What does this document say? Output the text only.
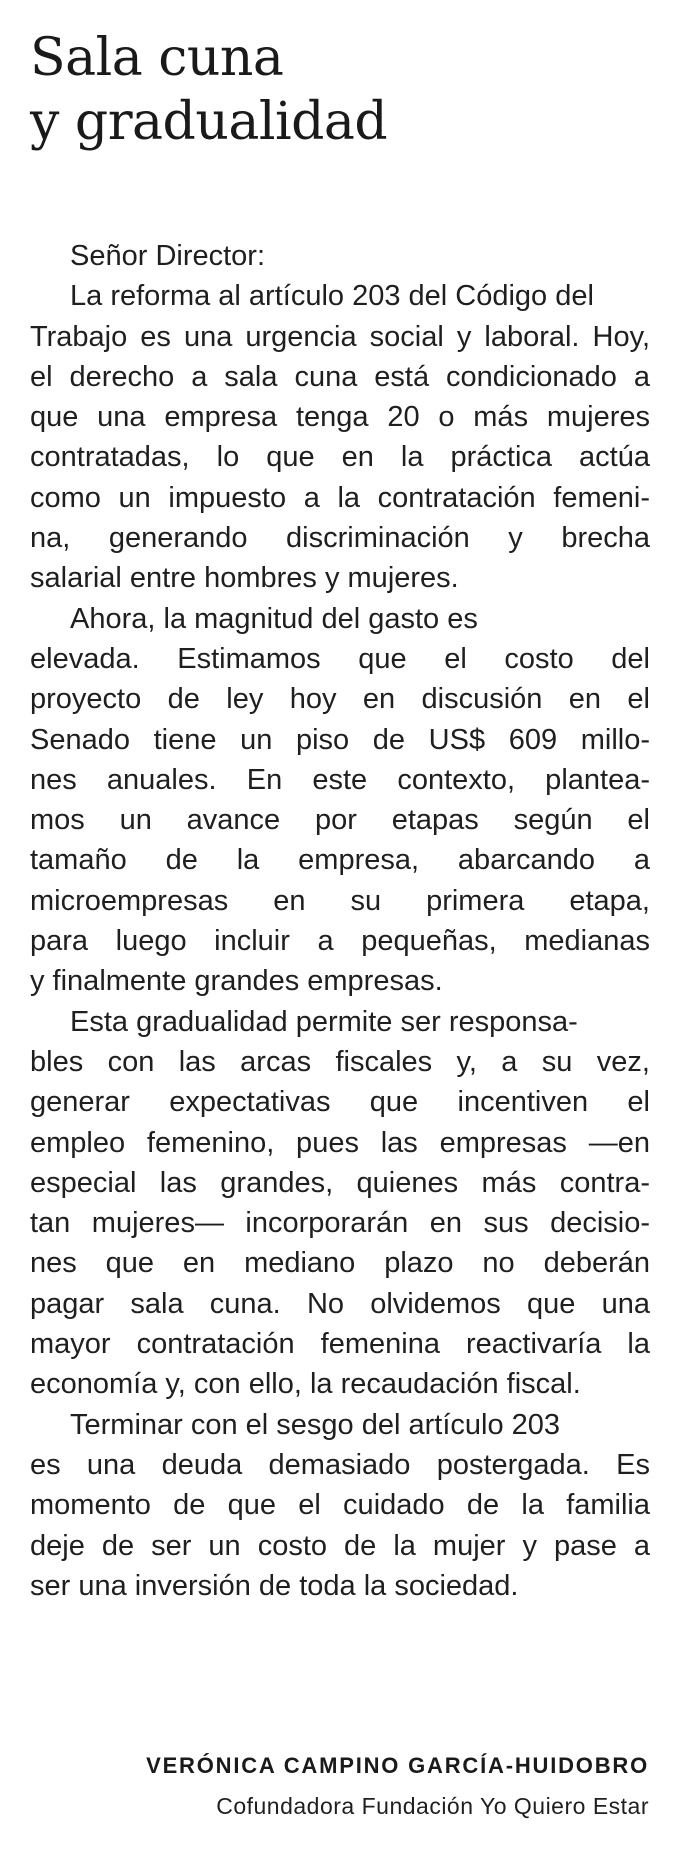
Sala cuna
y gradualidad
Señor Director:
La reforma al artículo 203 del Código del
Trabajo es una urgencia social y laboral. Hoy,
el derecho a sala cuna está condicionado a
que una empresa tenga 20 o más mujeres
contratadas, lo que en la práctica actúa
como un impuesto a la contratación femeni-
na, generando discriminación y brecha
salarial entre hombres y mujeres.
Ahora, la magnitud del gasto es
elevada. Estimamos que el costo del
proyecto de ley hoy en discusión en el
Senado tiene un piso de US$ 609 millo-
nes anuales. En este contexto, plantea-
mos un avance por etapas según el
tamaño de la empresa, abarcando a
microempresas en su primera etapa,
para luego incluir a pequeñas, medianas
y finalmente grandes empresas.
Esta gradualidad permite ser responsa-
bles con las arcas fiscales y, a su vez,
generar expectativas que incentiven el
empleo femenino, pues las empresas —en
especial las grandes, quienes más contra-
tan mujeres— incorporarán en sus decisio-
nes que en mediano plazo no deberán
pagar sala cuna. No olvidemos que una
mayor contratación femenina reactivaría la
economía y, con ello, la recaudación fiscal.
Terminar con el sesgo del artículo 203
es una deuda demasiado postergada. Es
momento de que el cuidado de la familia
deje de ser un costo de la mujer y pase a
ser una inversión de toda la sociedad.
VERÓNICA CAMPINO GARCÍA-HUIDOBRO
Cofundadora Fundación Yo Quiero Estar
